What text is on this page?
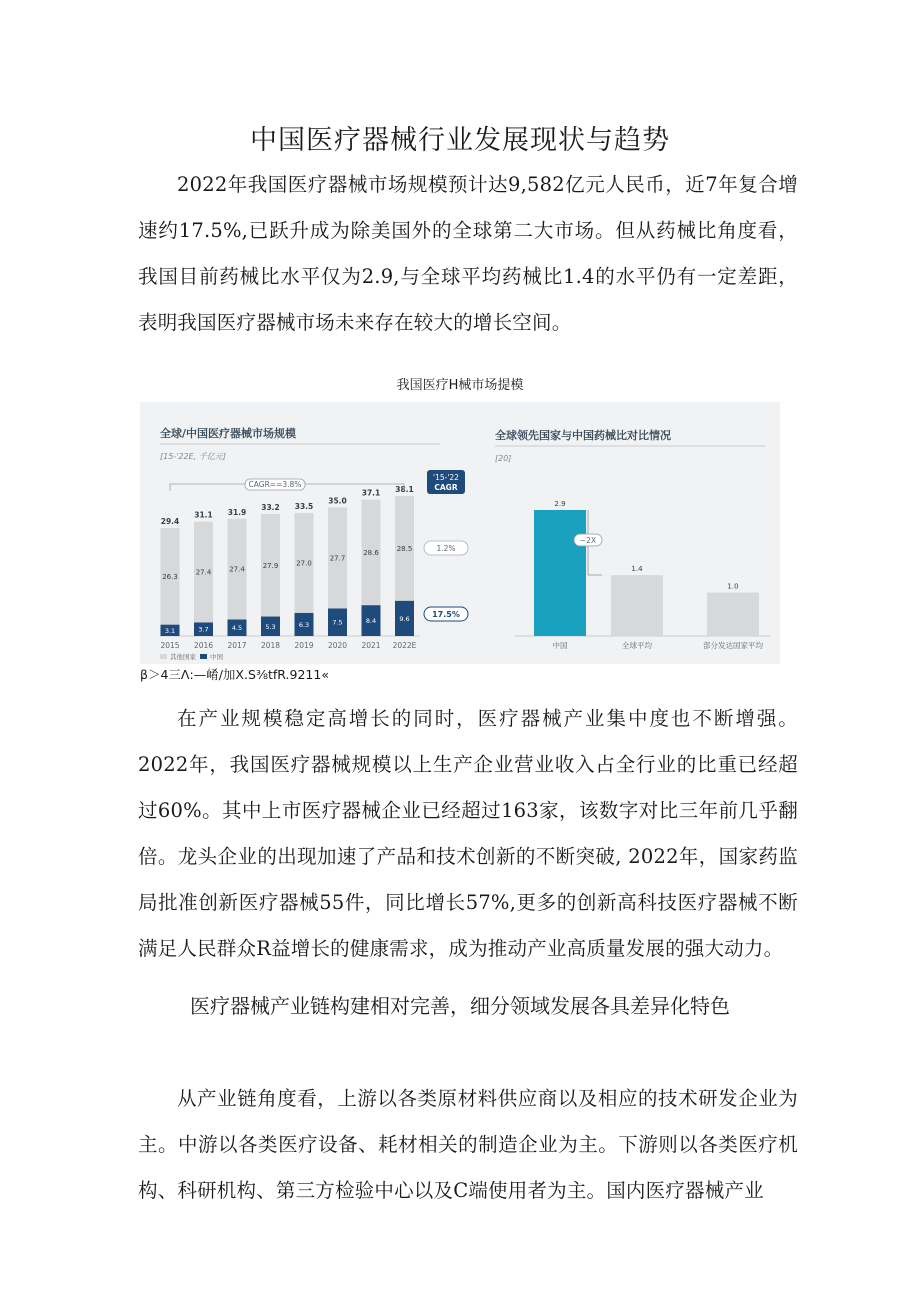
中国医疗器械行业发展现状与趋势

2022年我国医疗器械市场规模预计达9,582亿元人民币，近7年复合增速约17.5%,已跃升成为除美国外的全球第二大市场。但从药械比角度看，我国目前药械比水平仅为2.9,与全球平均药械比1.4的水平仍有一定差距，表明我国医疗器械市场未来存在较大的增长空间。

我国医疗H械市场提模
全球/中国医疗器械市场规模
[15-'22E, 千亿元]
3.1
26.3
29.4
2015
3.7
27.4
31.1
2016
4.5
27.4
31.9
2017
5.3
27.9
33.2
2018
6.3
27.0
33.5
2019
7.5
27.7
35.0
2020
8.4
28.6
37.1
2021
9.6
28.5
38.1
2022E
CAGR==3.8%
'15-'22
CAGR
1.2%
17.5%
其他国家 中国
全球领先国家与中国药械比对比情况
[20]
2.9
中国
1.4
全球平均
1.0
部分发达国家平均
~2X
β＞4三Λ:—崤/加X.S⅜tfR.9211«

在产业规模稳定高增长的同时，医疗器械产业集中度也不断增强。2022年，我国医疗器械规模以上生产企业营业收入占全行业的比重已经超过60%。其中上市医疗器械企业已经超过163家，该数字对比三年前几乎翻倍。龙头企业的出现加速了产品和技术创新的不断突破, 2022年，国家药监局批准创新医疗器械55件，同比增长57%,更多的创新高科技医疗器械不断满足人民群众R益增长的健康需求，成为推动产业高质量发展的强大动力。

医疗器械产业链构建相对完善，细分领域发展各具差异化特色

从产业链角度看，上游以各类原材料供应商以及相应的技术研发企业为主。中游以各类医疗设备、耗材相关的制造企业为主。下游则以各类医疗机构、科研机构、第三方检验中心以及C端使用者为主。国内医疗器械产业
